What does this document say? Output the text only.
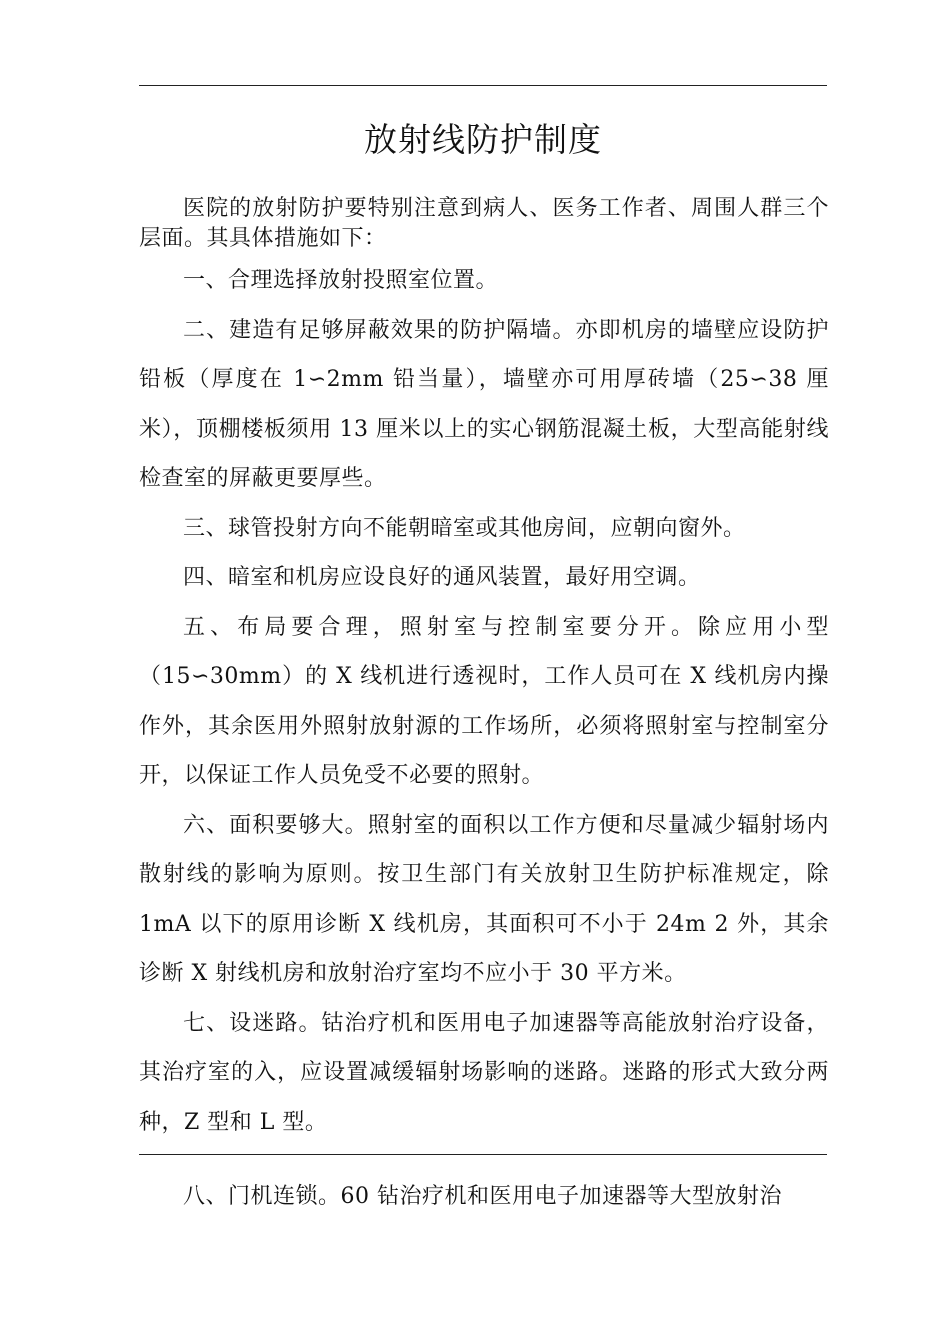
放射线防护制度

医院的放射防护要特别注意到病人、医务工作者、周围人群三个层面。其具体措施如下：

一、合理选择放射投照室位置。

二、建造有足够屏蔽效果的防护隔墙。亦即机房的墙壁应设防护铅板（厚度在 1∽2mm 铅当量），墙壁亦可用厚砖墙（25∽38 厘米），顶棚楼板须用 13 厘米以上的实心钢筋混凝土板，大型高能射线检查室的屏蔽更要厚些。

三、球管投射方向不能朝暗室或其他房间，应朝向窗外。

四、暗室和机房应设良好的通风装置，最好用空调。

五、布局要合理，照射室与控制室要分开。除应用小型（15∽30mm）的 X 线机进行透视时，工作人员可在 X 线机房内操作外，其余医用外照射放射源的工作场所，必须将照射室与控制室分开，以保证工作人员免受不必要的照射。

六、面积要够大。照射室的面积以工作方便和尽量减少辐射场内散射线的影响为原则。按卫生部门有关放射卫生防护标准规定，除 1mA 以下的原用诊断 X 线机房，其面积可不小于 24m 2 外，其余诊断 X 射线机房和放射治疗室均不应小于 30 平方米。

七、设迷路。钴治疗机和医用电子加速器等高能放射治疗设备，其治疗室的入，应设置减缓辐射场影响的迷路。迷路的形式大致分两种，Z 型和 L 型。

八、门机连锁。60 钻治疗机和医用电子加速器等大型放射治
